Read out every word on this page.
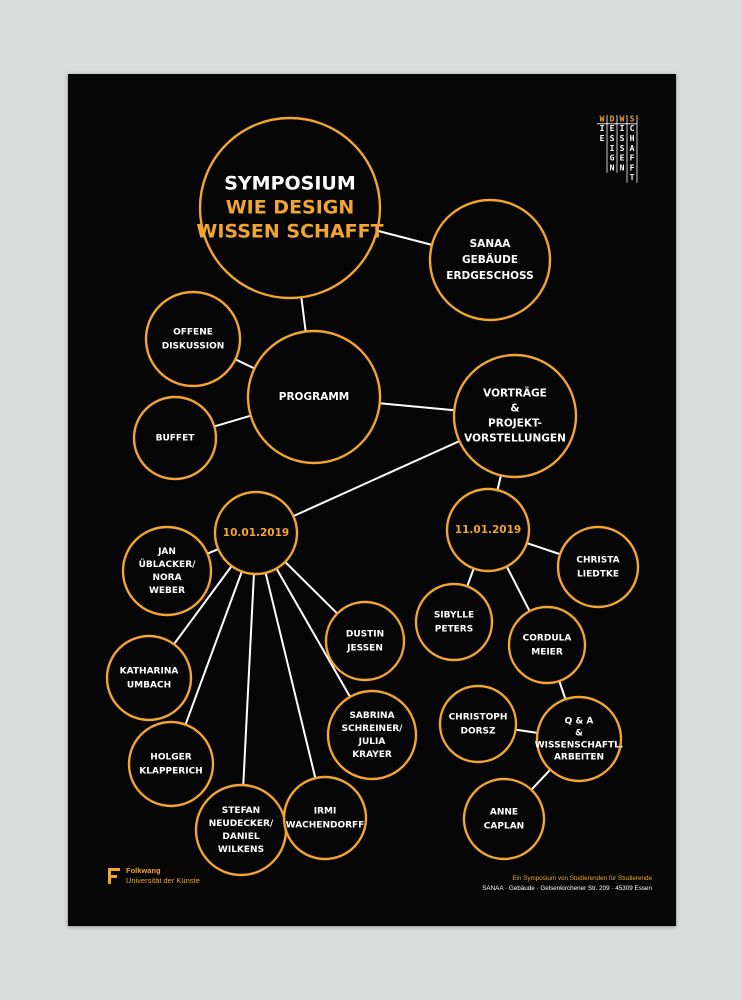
SYMPOSIUM
WIE DESIGN
WISSEN SCHAFFT
SANAA
GEBÄUDE
ERDGESCHOSS
OFFENE
DISKUSSION
PROGRAMM
BUFFET
VORTRÄGE
&
PROJEKT-
VORSTELLUNGEN
10.01.2019	11.01.2019
JAN
ÜBLACKER/
NORA
WEBER
KATHARINA
UMBACH
HOLGER
KLAPPERICH
STEFAN
NEUDECKER/
DANIEL
WILKENS
IRMI
WACHENDORFF
SABRINA
SCHREINER/
JULIA
KRAYER
DUSTIN
JESSEN
CHRISTA
LIEDTKE
SIBYLLE
PETERS
CORDULA
MEIER
CHRISTOPH
DORSZ
Q & A
&
WISSENSCHAFTL.
ARBEITEN
ANNE
CAPLAN
W
I
E
D
E
S
I
G
N
W
I
S
S
E
N
S
C
H
A
F
F
T
Folkwang
Universität der Künste	Ein Symposium von Studierenden für Studierende
SANAA · Gebäude · Gelsenkirchener Str. 209 · 45309 Essen
